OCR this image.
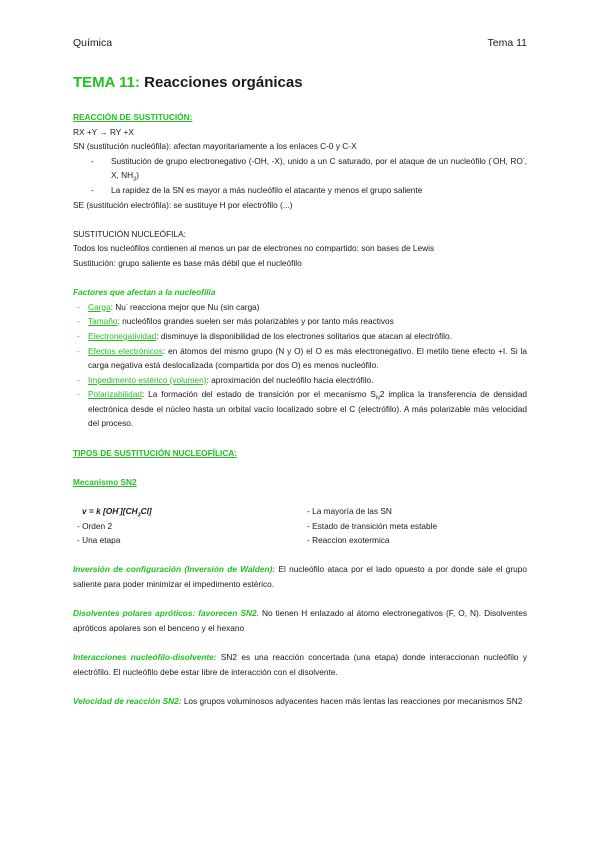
Química	Tema 11
TEMA 11: Reacciones orgánicas
REACCIÓN DE SUSTITUCIÓN:
RX +Y → RY +X
SN (sustitución nucleófila): afectan mayoritariamente a los enlaces C-0 y C-X
- Sustitución de grupo electronegativo (-OH, -X), unido a un C saturado, por el ataque de un nucleófilo (-OH, RO-, X, $NH_3$)
- La rapidez de la SN es mayor a más nucleófilo el atacante y menos el grupo saliente
SE (sustitución electrófila): se sustituye H por electrófilo (...)
SUSTITUCIÓN NUCLEÓFILA:
Todos los nucleófilos contienen al menos un par de electrones no compartido: son bases de Lewis
Sustitución: grupo saliente es base más débil que el nucleófilo
Factores que afectan a la nucleofilia
- Carga: Nu- reacciona mejor que Nu (sin carga)
- Tamaño: nucleófilos grandes suelen ser más polarizables y por tanto más reactivos
- Electronegatividad: disminuye la disponibilidad de los electrones solitarios que atacan al electrófilo.
- Efectos electrónicos: en átomos del mismo grupo (N y O) el O es más electronegativo. El metilo tiene efecto +I. Si la carga negativa está deslocalizada (compartida por dos O) es menos nucleófilo.
- Impedimento estérico (volumen): aproximación del nucleófilo hacia electrófilo.
- Polarizabilidad: La formación del estado de transición por el mecanismo $S_N2$ implica la transferencia de densidad electrónica desde el núcleo hasta un orbital vacío localizado sobre el C (electrófilo). A más polarizable más velocidad del proceso.
TIPOS DE SUSTITUCIÓN NUCLEOFÍLICA:
Mecanismo SN2
v = k $[OH^-][CH_3Cl]$
- Orden 2
- Una etapa
- La mayoría de las SN
- Estado de transición meta estable
- Reaccion exotermica
Inversión de configuración (Inversión de Walden): El nucleófilo ataca por el lado opuesto a por donde sale el grupo saliente para poder minimizar el impedimento estérico.
Disolventes polares apróticos: favorecen SN2. No tienen H enlazado al átomo electronegativos (F, O, N). Disolventes apróticos apolares son el benceno y el hexano
Interacciones nucleófilo-disolvente: SN2 es una reacción concertada (una etapa) donde interaccionan nucleófilo y electrófilo. El nucleófilo debe estar libre de interacción con el disolvente.
Velocidad de reacción SN2: Los grupos voluminosos adyacentes hacen más lentas las reacciones por mecanismos SN2
